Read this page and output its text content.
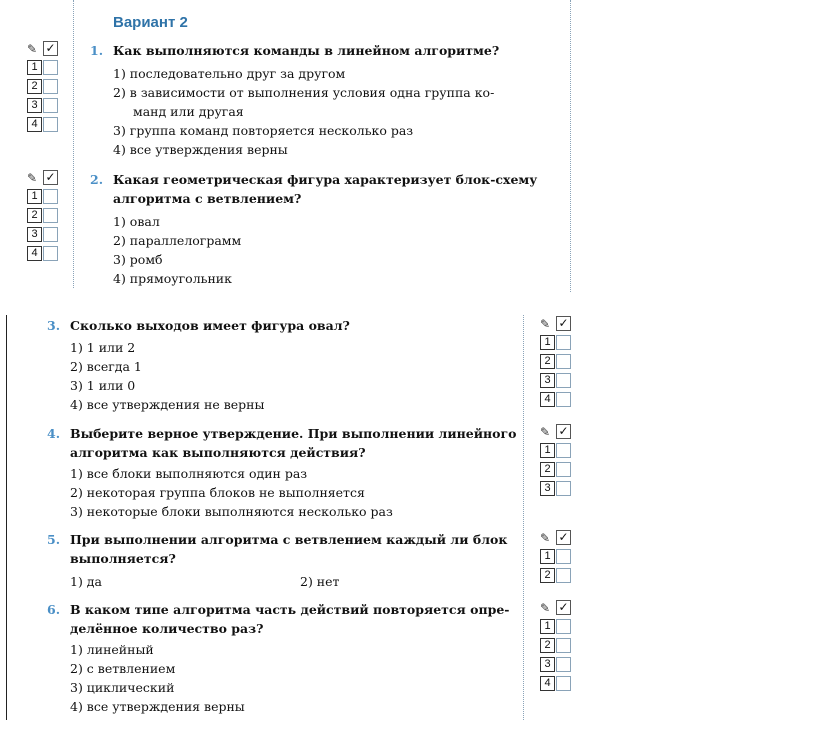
Вариант 2
✎ ✓
1
2
3
4
1. Как выполняются команды в линейном алгоритме?
1) последовательно друг за другом
2) в зависимости от выполнения условия одна группа ко-
манд или другая
3) группа команд повторяется несколько раз
4) все утверждения верны
✎ ✓
1
2
3
4
2. Какая геометрическая фигура характеризует блок-схему
алгоритма с ветвлением?
1) овал
2) параллелограмм
3) ромб
4) прямоугольник
3. Сколько выходов имеет фигура овал?
1) 1 или 2
2) всегда 1
3) 1 или 0
4) все утверждения не верны
✎ ✓
1
2
3
4
4. Выберите верное утверждение. При выполнении линейного
алгоритма как выполняются действия?
1) все блоки выполняются один раз
2) некоторая группа блоков не выполняется
3) некоторые блоки выполняются несколько раз
✎ ✓
1
2
3
5. При выполнении алгоритма с ветвлением каждый ли блок
выполняется?
1) да	2) нет
✎ ✓
1
2
6. В каком типе алгоритма часть действий повторяется опре-
делённое количество раз?
1) линейный
2) с ветвлением
3) циклический
4) все утверждения верны
✎ ✓
1
2
3
4
